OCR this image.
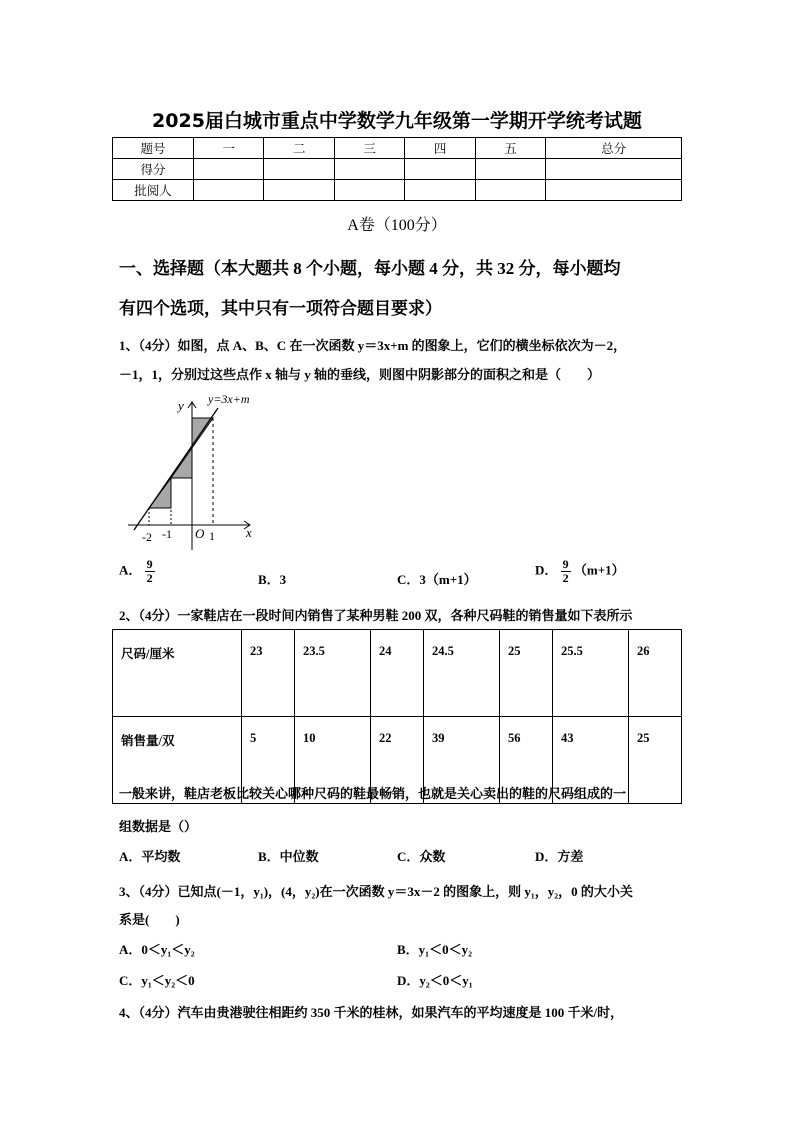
2025届白城市重点中学数学九年级第一学期开学统考试题
题号	一	二	三	四	五	总分
得分						
批阅人						
A卷（100分）
一、选择题（本大题共 8 个小题，每小题 4 分，共 32 分，每小题均
有四个选项，其中只有一项符合题目要求）
1、（4分）如图，点 A、B、C 在一次函数 y＝3x+m 的图象上，它们的横坐标依次为－2，
－1，1，分别过这些点作 x 轴与 y 轴的垂线，则图中阴影部分的面积之和是（　　）
y=3x+m
y
x
O
-2 -1	1
A． $\frac{9}{2}$	B．3	C．3（m+1）
D． $\frac{9}{2} (m+1)$
2、（4分）一家鞋店在一段时间内销售了某种男鞋 200 双，各种尺码鞋的销售量如下表所示
尺码/厘米	23	23.5	24	24.5	25	25.5	26
销售量/双	5	10	22	39	56	43	25
一般来讲，鞋店老板比较关心哪种尺码的鞋最畅销，也就是关心卖出的鞋的尺码组成的一
组数据是（）
A．平均数	B．中位数	C．众数	D．方差
3、（4分）已知点(－1，y₁)，(4，y₂)在一次函数 y＝3x－2 的图象上，则 y₁，y₂，0 的大小关
系是(　　)
A．0＜y₁＜y₂	B．y₁＜0＜y₂
C．y₁＜y₂＜0	D．y₂＜0＜y₁
4、（4分）汽车由贵港驶往相距约 350 千米的桂林，如果汽车的平均速度是 100 千米/时，
